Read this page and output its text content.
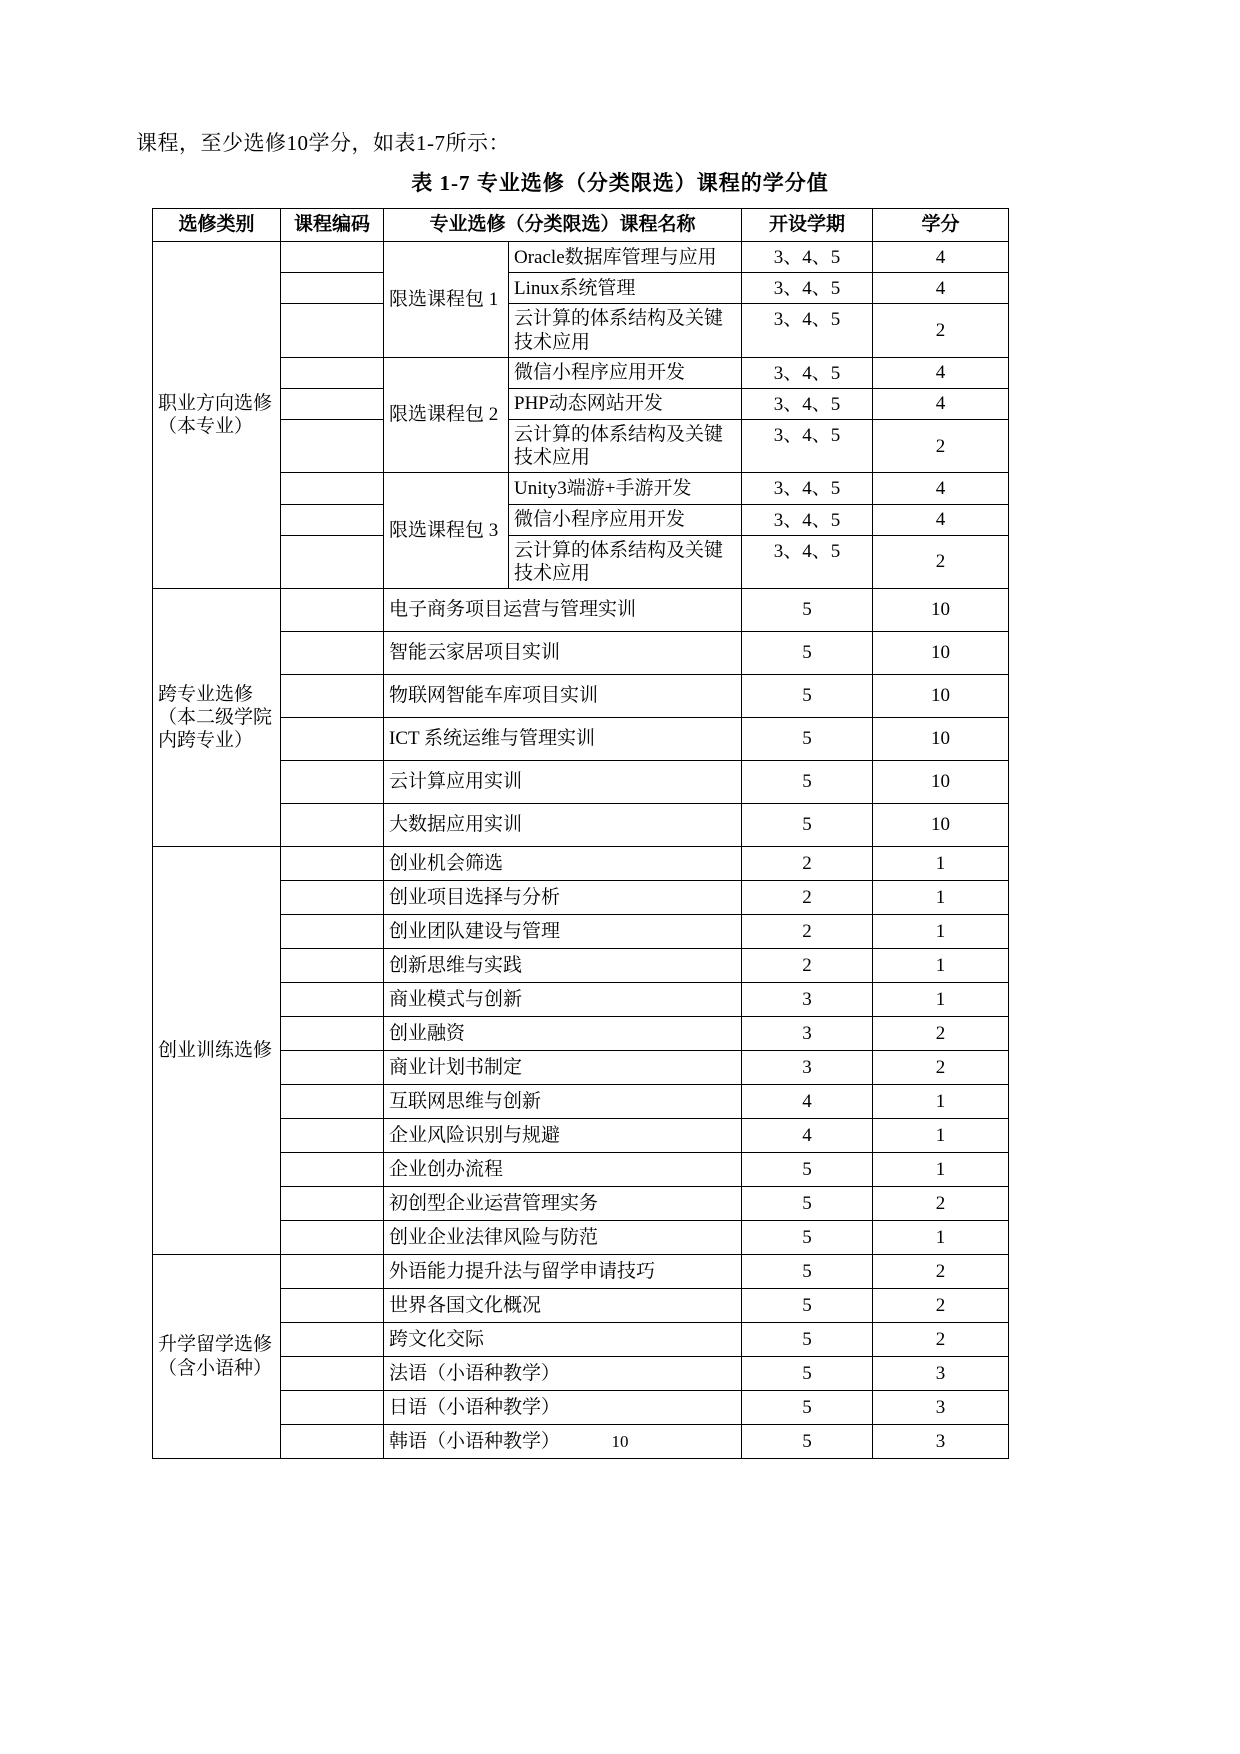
课程，至少选修10学分，如表1-7所示：

表 1-7 专业选修（分类限选）课程的学分值
选修类别	课程编码	专业选修（分类限选）课程名称		开设学期	学分
职业方向选修（本专业）		限选课程包 1	Oracle数据库管理与应用	3、4、5	4
			Linux系统管理	3、4、5	4
			云计算的体系结构及关键技术应用	3、4、5	2
		限选课程包 2	微信小程序应用开发	3、4、5	4
			PHP动态网站开发	3、4、5	4
			云计算的体系结构及关键技术应用	3、4、5	2
		限选课程包 3	Unity3端游+手游开发	3、4、5	4
			微信小程序应用开发	3、4、5	4
			云计算的体系结构及关键技术应用	3、4、5	2
跨专业选修（本二级学院内跨专业）		电子商务项目运营与管理实训		5	10
		智能云家居项目实训		5	10
		物联网智能车库项目实训		5	10
		ICT 系统运维与管理实训		5	10
		云计算应用实训		5	10
		大数据应用实训		5	10
创业训练选修		创业机会筛选		2	1
		创业项目选择与分析		2	1
		创业团队建设与管理		2	1
		创新思维与实践		2	1
		商业模式与创新		3	1
		创业融资		3	2
		商业计划书制定		3	2
		互联网思维与创新		4	1
		企业风险识别与规避		4	1
		企业创办流程		5	1
		初创型企业运营管理实务		5	2
		创业企业法律风险与防范		5	1
升学留学选修（含小语种）		外语能力提升法与留学申请技巧		5	2
		世界各国文化概况		5	2
		跨文化交际		5	2
		法语（小语种教学）		5	3
		日语（小语种教学）		5	3
		韩语（小语种教学）		5	3
10
